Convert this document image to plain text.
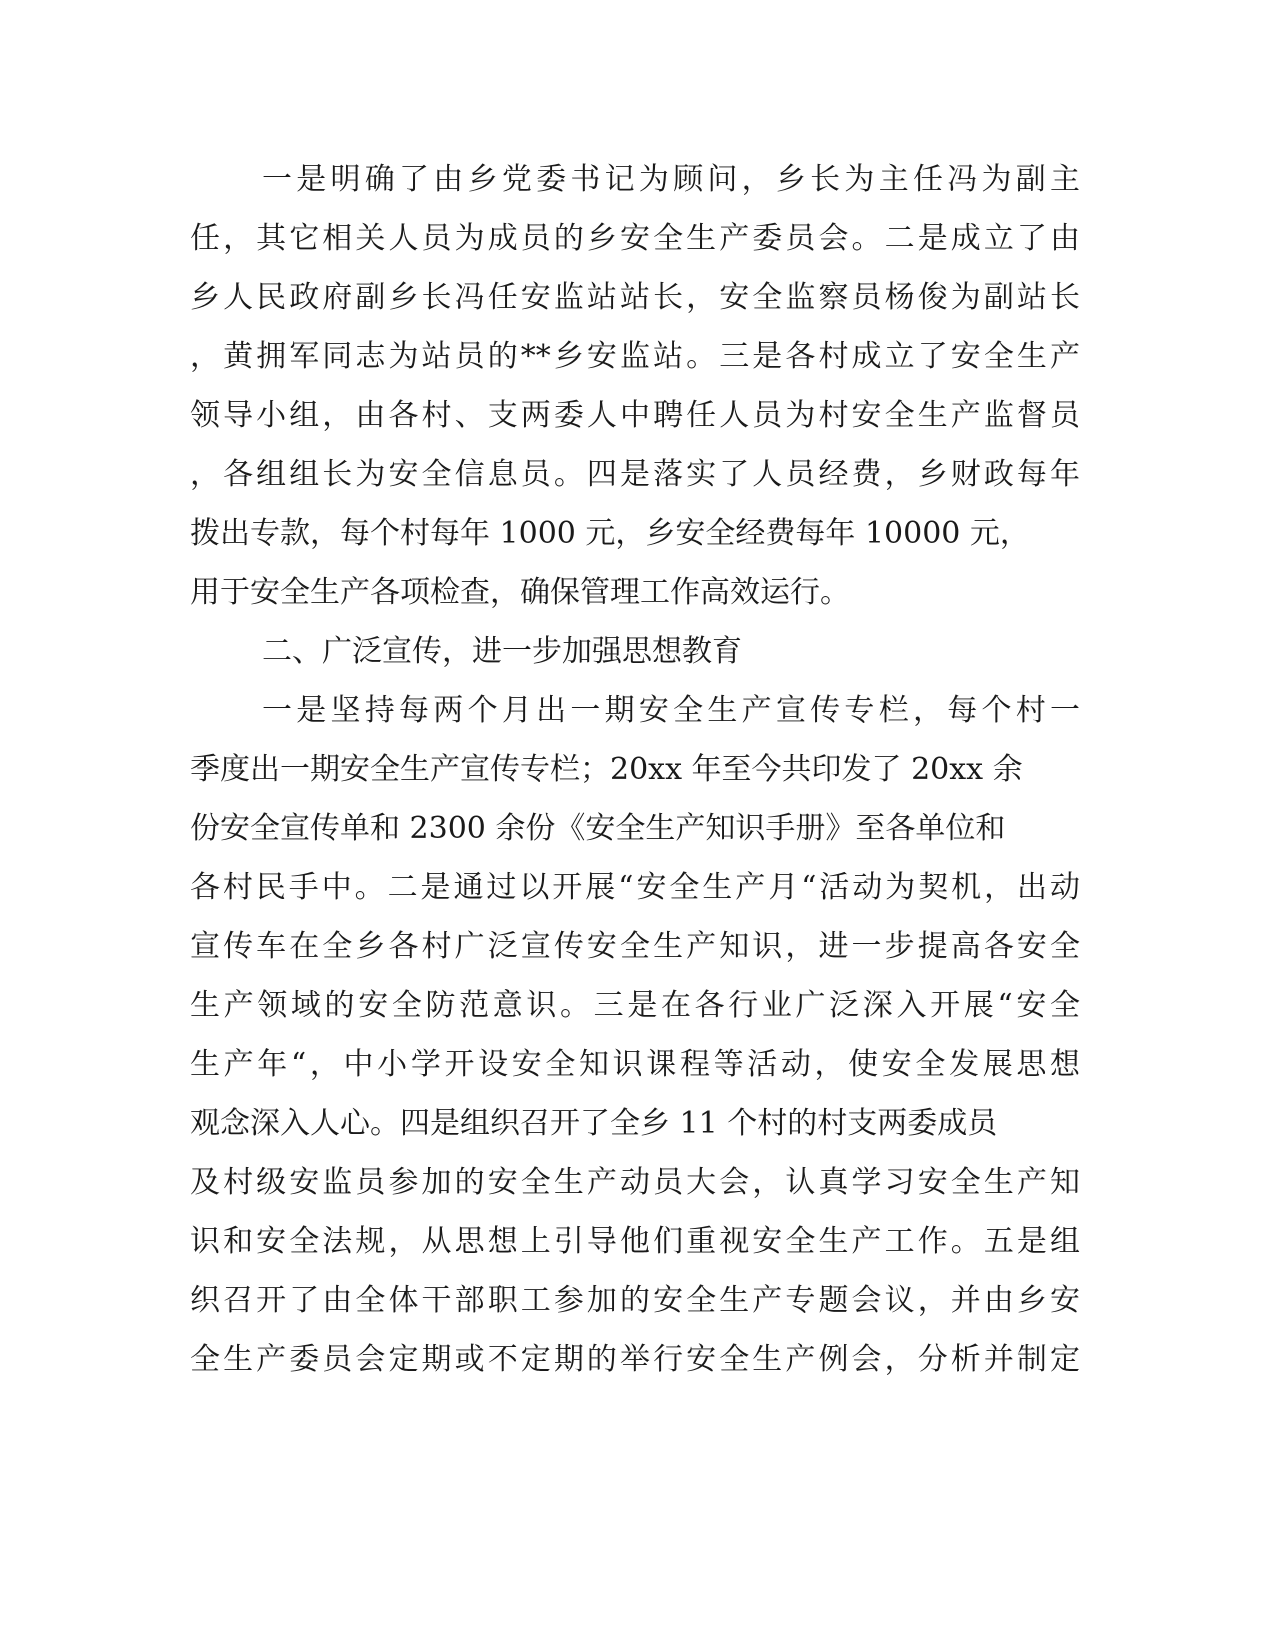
一是明确了由乡党委书记为顾问，乡长为主任冯为副主

任，其它相关人员为成员的乡安全生产委员会。二是成立了由

乡人民政府副乡长冯任安监站站长，安全监察员杨俊为副站长

，黄拥军同志为站员的**乡安监站。三是各村成立了安全生产

领导小组，由各村、支两委人中聘任人员为村安全生产监督员

，各组组长为安全信息员。四是落实了人员经费，乡财政每年

拨出专款，每个村每年 1000 元，乡安全经费每年 10000 元，

用于安全生产各项检查，确保管理工作高效运行。

二、广泛宣传，进一步加强思想教育

一是坚持每两个月出一期安全生产宣传专栏，每个村一

季度出一期安全生产宣传专栏；20xx 年至今共印发了 20xx 余

份安全宣传单和 2300 余份《安全生产知识手册》至各单位和

各村民手中。二是通过以开展“安全生产月“活动为契机，出动

宣传车在全乡各村广泛宣传安全生产知识，进一步提高各安全

生产领域的安全防范意识。三是在各行业广泛深入开展“安全

生产年“，中小学开设安全知识课程等活动，使安全发展思想

观念深入人心。四是组织召开了全乡 11 个村的村支两委成员

及村级安监员参加的安全生产动员大会，认真学习安全生产知

识和安全法规，从思想上引导他们重视安全生产工作。五是组

织召开了由全体干部职工参加的安全生产专题会议，并由乡安

全生产委员会定期或不定期的举行安全生产例会，分析并制定
